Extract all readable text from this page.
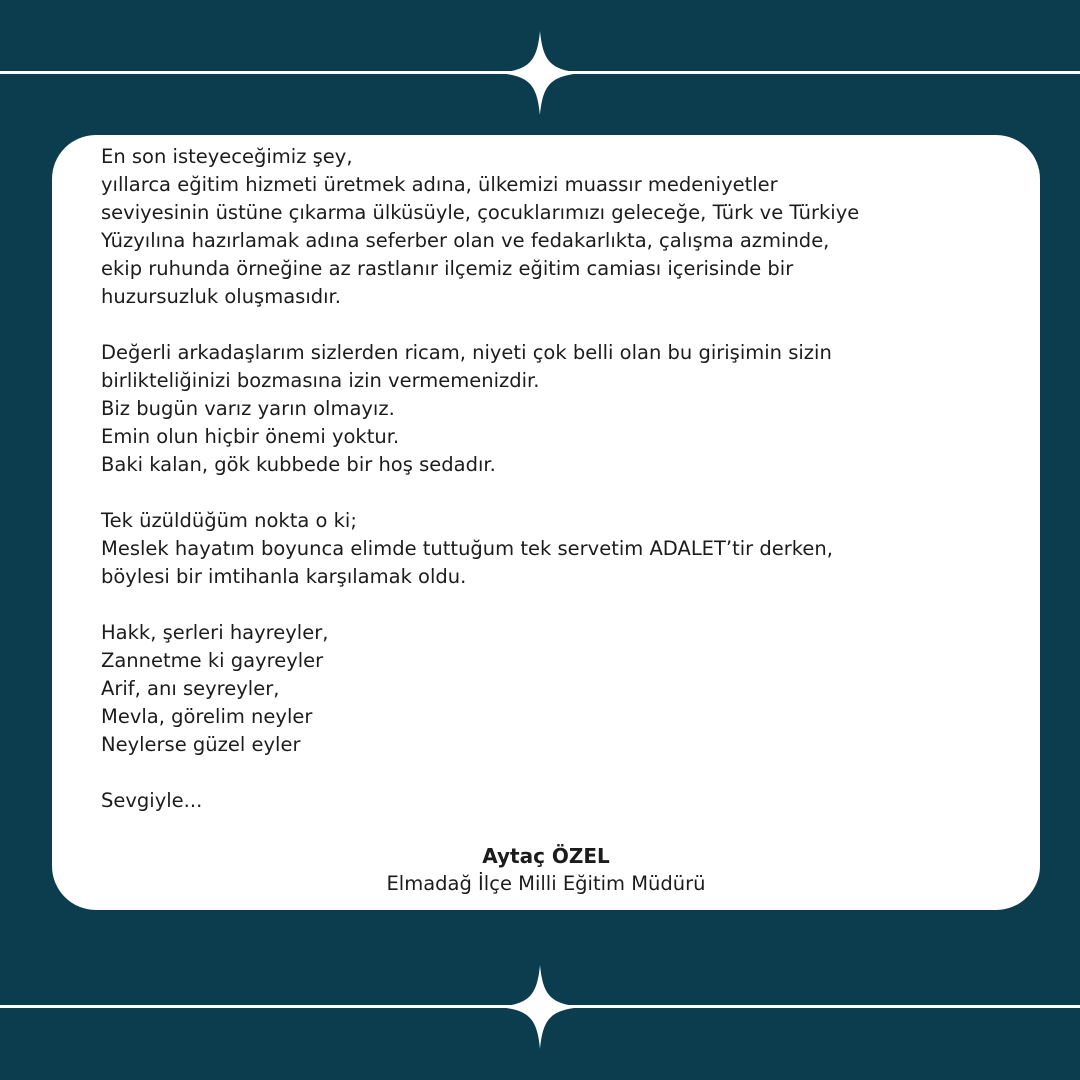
En son isteyeceğimiz şey,
yıllarca eğitim hizmeti üretmek adına, ülkemizi muassır medeniyetler
seviyesinin üstüne çıkarma ülküsüyle, çocuklarımızı geleceğe, Türk ve Türkiye
Yüzyılına hazırlamak adına seferber olan ve fedakarlıkta, çalışma azminde,
ekip ruhunda örneğine az rastlanır ilçemiz eğitim camiası içerisinde bir
huzursuzluk oluşmasıdır.
Değerli arkadaşlarım sizlerden ricam, niyeti çok belli olan bu girişimin sizin
birlikteliğinizi bozmasına izin vermemenizdir.
Biz bugün varız yarın olmayız.
Emin olun hiçbir önemi yoktur.
Baki kalan, gök kubbede bir hoş sedadır.
Tek üzüldüğüm nokta o ki;
Meslek hayatım boyunca elimde tuttuğum tek servetim ADALET’tir derken,
böylesi bir imtihanla karşılamak oldu.
Hakk, şerleri hayreyler,
Zannetme ki gayreyler
Arif, anı seyreyler,
Mevla, görelim neyler
Neylerse güzel eyler
Sevgiyle...
Aytaç ÖZEL
Elmadağ İlçe Milli Eğitim Müdürü
